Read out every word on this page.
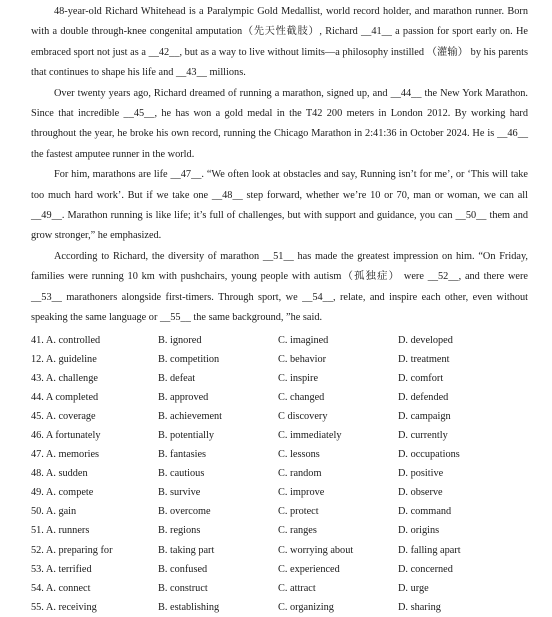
48-year-old Richard Whitehead is a Paralympic Gold Medallist, world record holder, and marathon runner. Born with a double through-knee congenital amputation（先天性截肢）, Richard __41__ a passion for sport early on. He embraced sport not just as a __42__, but as a way to live without limits—a philosophy instilled （灌输） by his parents that continues to shape his life and __43__ millions.

Over twenty years ago, Richard dreamed of running a marathon, signed up, and __44__ the New York Marathon. Since that incredible __45__, he has won a gold medal in the T42 200 meters in London 2012. By working hard throughout the year, he broke his own record, running the Chicago Marathon in 2:41:36 in October 2024. He is __46__ the fastest amputee runner in the world.

For him, marathons are life __47__. “We often look at obstacles and say, Running isn’t for me’, or ‘This will take too much hard work’. But if we take one __48__ step forward, whether we’re 10 or 70, man or woman, we can all __49__. Marathon running is like life; it’s full of challenges, but with support and guidance, you can __50__ them and grow stronger,” he emphasized.

According to Richard, the diversity of marathon __51__ has made the greatest impression on him. “On Friday, families were running 10 km with pushchairs, young people with autism（孤独症） were __52__, and there were __53__ marathoners alongside first-timers. Through sport, we __54__, relate, and inspire each other, even without speaking the same language or __55__ the same background, ”he said.

41. A. controlled	B. ignored	C. imagined	D. developed
12. A. guideline	B. competition	C. behavior	D. treatment
43. A. challenge	B. defeat	C. inspire	D. comfort
44. A completed	B. approved	C. changed	D. defended
45. A. coverage	B. achievement	C discovery	D. campaign
46. A fortunately	B. potentially	C. immediately	D. currently
47. A. memories	B. fantasies	C. lessons	D. occupations
48. A. sudden	B. cautious	C. random	D. positive
49. A. compete	B. survive	C. improve	D. observe
50. A. gain	B. overcome	C. protect	D. command
51. A. runners	B. regions	C. ranges	D. origins
52. A. preparing for	B. taking part	C. worrying about	D. falling apart
53. A. terrified	B. confused	C. experienced	D. concerned
54. A. connect	B. construct	C. attract	D. urge
55. A. receiving	B. establishing	C. organizing	D. sharing
